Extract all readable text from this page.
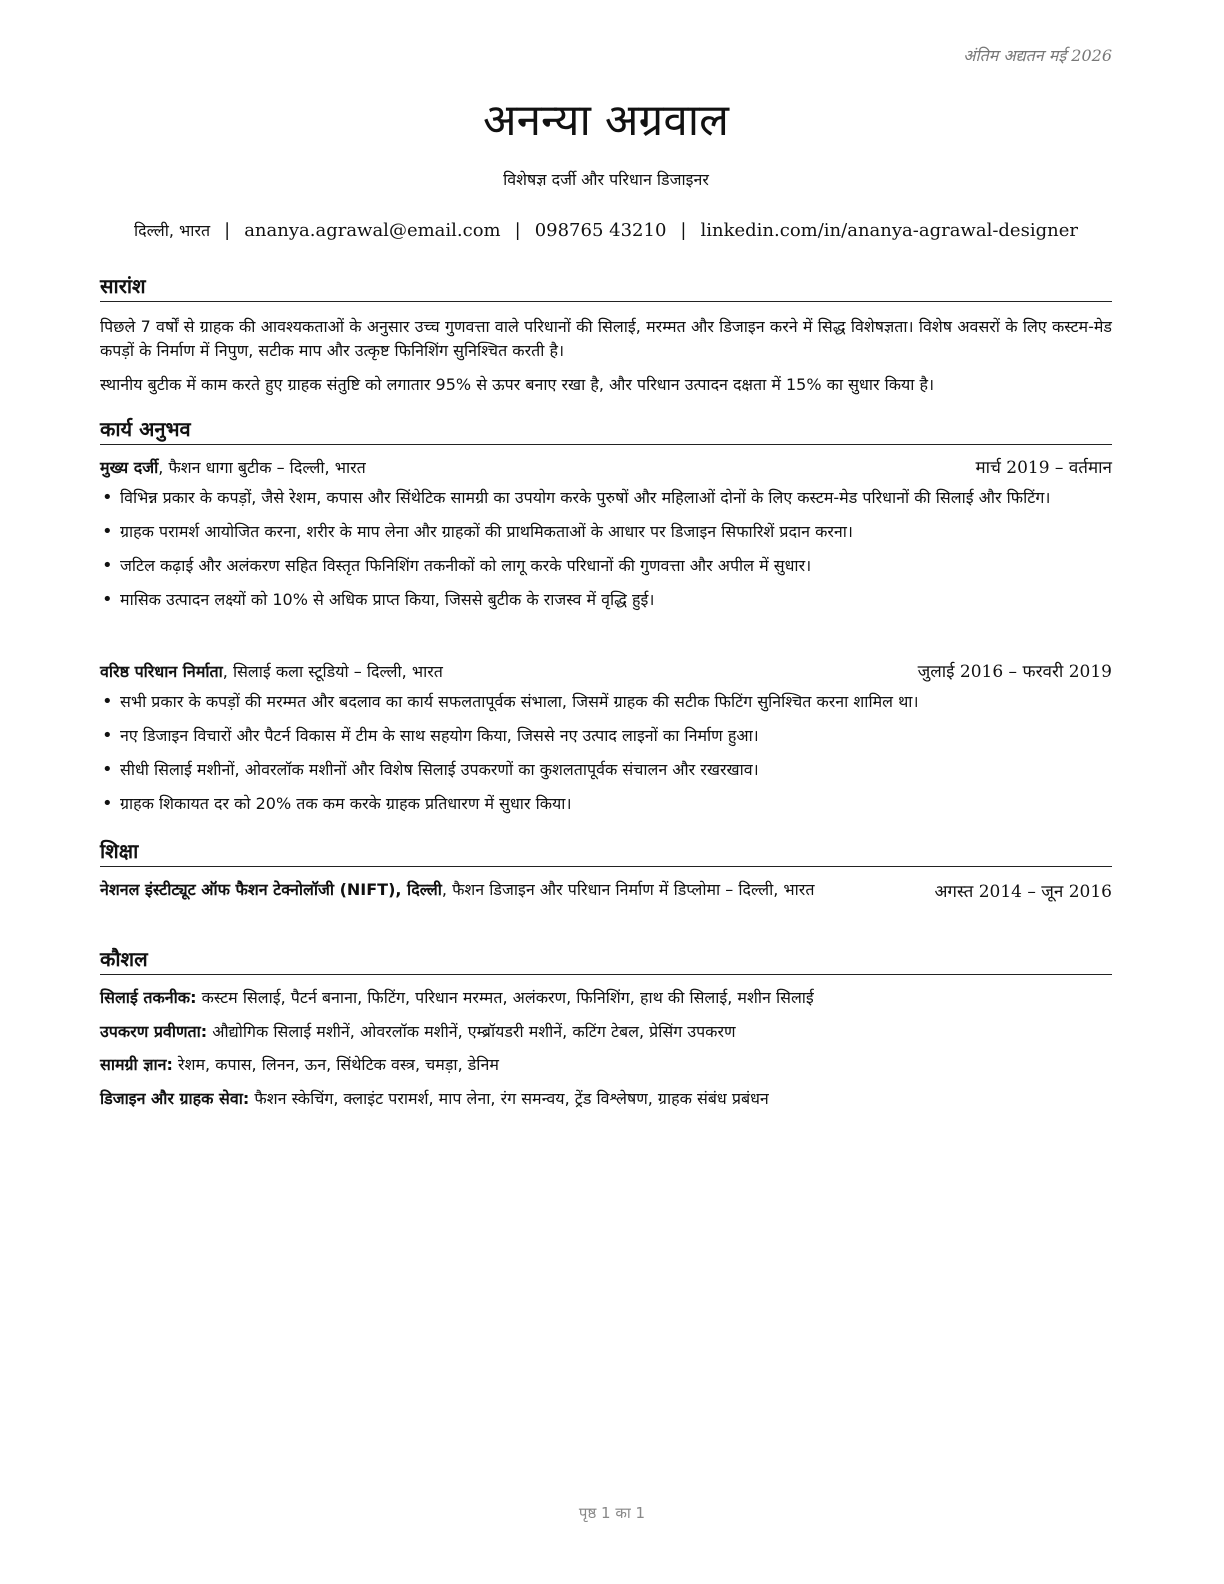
अंतिम अद्यतन मई 2026
अनन्या अग्रवाल
विशेषज्ञ दर्जी और परिधान डिजाइनर
दिल्ली, भारत | ananya.agrawal@email.com | 098765 43210 | linkedin.com/in/ananya-agrawal-designer
सारांश
पिछले 7 वर्षों से ग्राहक की आवश्यकताओं के अनुसार उच्च गुणवत्ता वाले परिधानों की सिलाई, मरम्मत और डिजाइन करने में सिद्ध विशेषज्ञता। विशेष अवसरों के लिए कस्टम-मेड कपड़ों के निर्माण में निपुण, सटीक माप और उत्कृष्ट फिनिशिंग सुनिश्चित करती है।
स्थानीय बुटीक में काम करते हुए ग्राहक संतुष्टि को लगातार 95% से ऊपर बनाए रखा है, और परिधान उत्पादन दक्षता में 15% का सुधार किया है।
कार्य अनुभव
मुख्य दर्जी, फैशन धागा बुटीक – दिल्ली, भारत	मार्च 2019 – वर्तमान
• विभिन्न प्रकार के कपड़ों, जैसे रेशम, कपास और सिंथेटिक सामग्री का उपयोग करके पुरुषों और महिलाओं दोनों के लिए कस्टम-मेड परिधानों की सिलाई और फिटिंग।
• ग्राहक परामर्श आयोजित करना, शरीर के माप लेना और ग्राहकों की प्राथमिकताओं के आधार पर डिजाइन सिफारिशें प्रदान करना।
• जटिल कढ़ाई और अलंकरण सहित विस्तृत फिनिशिंग तकनीकों को लागू करके परिधानों की गुणवत्ता और अपील में सुधार।
• मासिक उत्पादन लक्ष्यों को 10% से अधिक प्राप्त किया, जिससे बुटीक के राजस्व में वृद्धि हुई।
वरिष्ठ परिधान निर्माता, सिलाई कला स्टूडियो – दिल्ली, भारत	जुलाई 2016 – फरवरी 2019
• सभी प्रकार के कपड़ों की मरम्मत और बदलाव का कार्य सफलतापूर्वक संभाला, जिसमें ग्राहक की सटीक फिटिंग सुनिश्चित करना शामिल था।
• नए डिजाइन विचारों और पैटर्न विकास में टीम के साथ सहयोग किया, जिससे नए उत्पाद लाइनों का निर्माण हुआ।
• सीधी सिलाई मशीनों, ओवरलॉक मशीनों और विशेष सिलाई उपकरणों का कुशलतापूर्वक संचालन और रखरखाव।
• ग्राहक शिकायत दर को 20% तक कम करके ग्राहक प्रतिधारण में सुधार किया।
शिक्षा
नेशनल इंस्टीट्यूट ऑफ फैशन टेक्नोलॉजी (NIFT), दिल्ली, फैशन डिजाइन और परिधान निर्माण में डिप्लोमा – दिल्ली, भारत	अगस्त 2014 – जून 2016
कौशल
सिलाई तकनीक: कस्टम सिलाई, पैटर्न बनाना, फिटिंग, परिधान मरम्मत, अलंकरण, फिनिशिंग, हाथ की सिलाई, मशीन सिलाई
उपकरण प्रवीणता: औद्योगिक सिलाई मशीनें, ओवरलॉक मशीनें, एम्ब्रॉयडरी मशीनें, कटिंग टेबल, प्रेसिंग उपकरण
सामग्री ज्ञान: रेशम, कपास, लिनन, ऊन, सिंथेटिक वस्त्र, चमड़ा, डेनिम
डिजाइन और ग्राहक सेवा: फैशन स्केचिंग, क्लाइंट परामर्श, माप लेना, रंग समन्वय, ट्रेंड विश्लेषण, ग्राहक संबंध प्रबंधन
पृष्ठ 1 का 1
